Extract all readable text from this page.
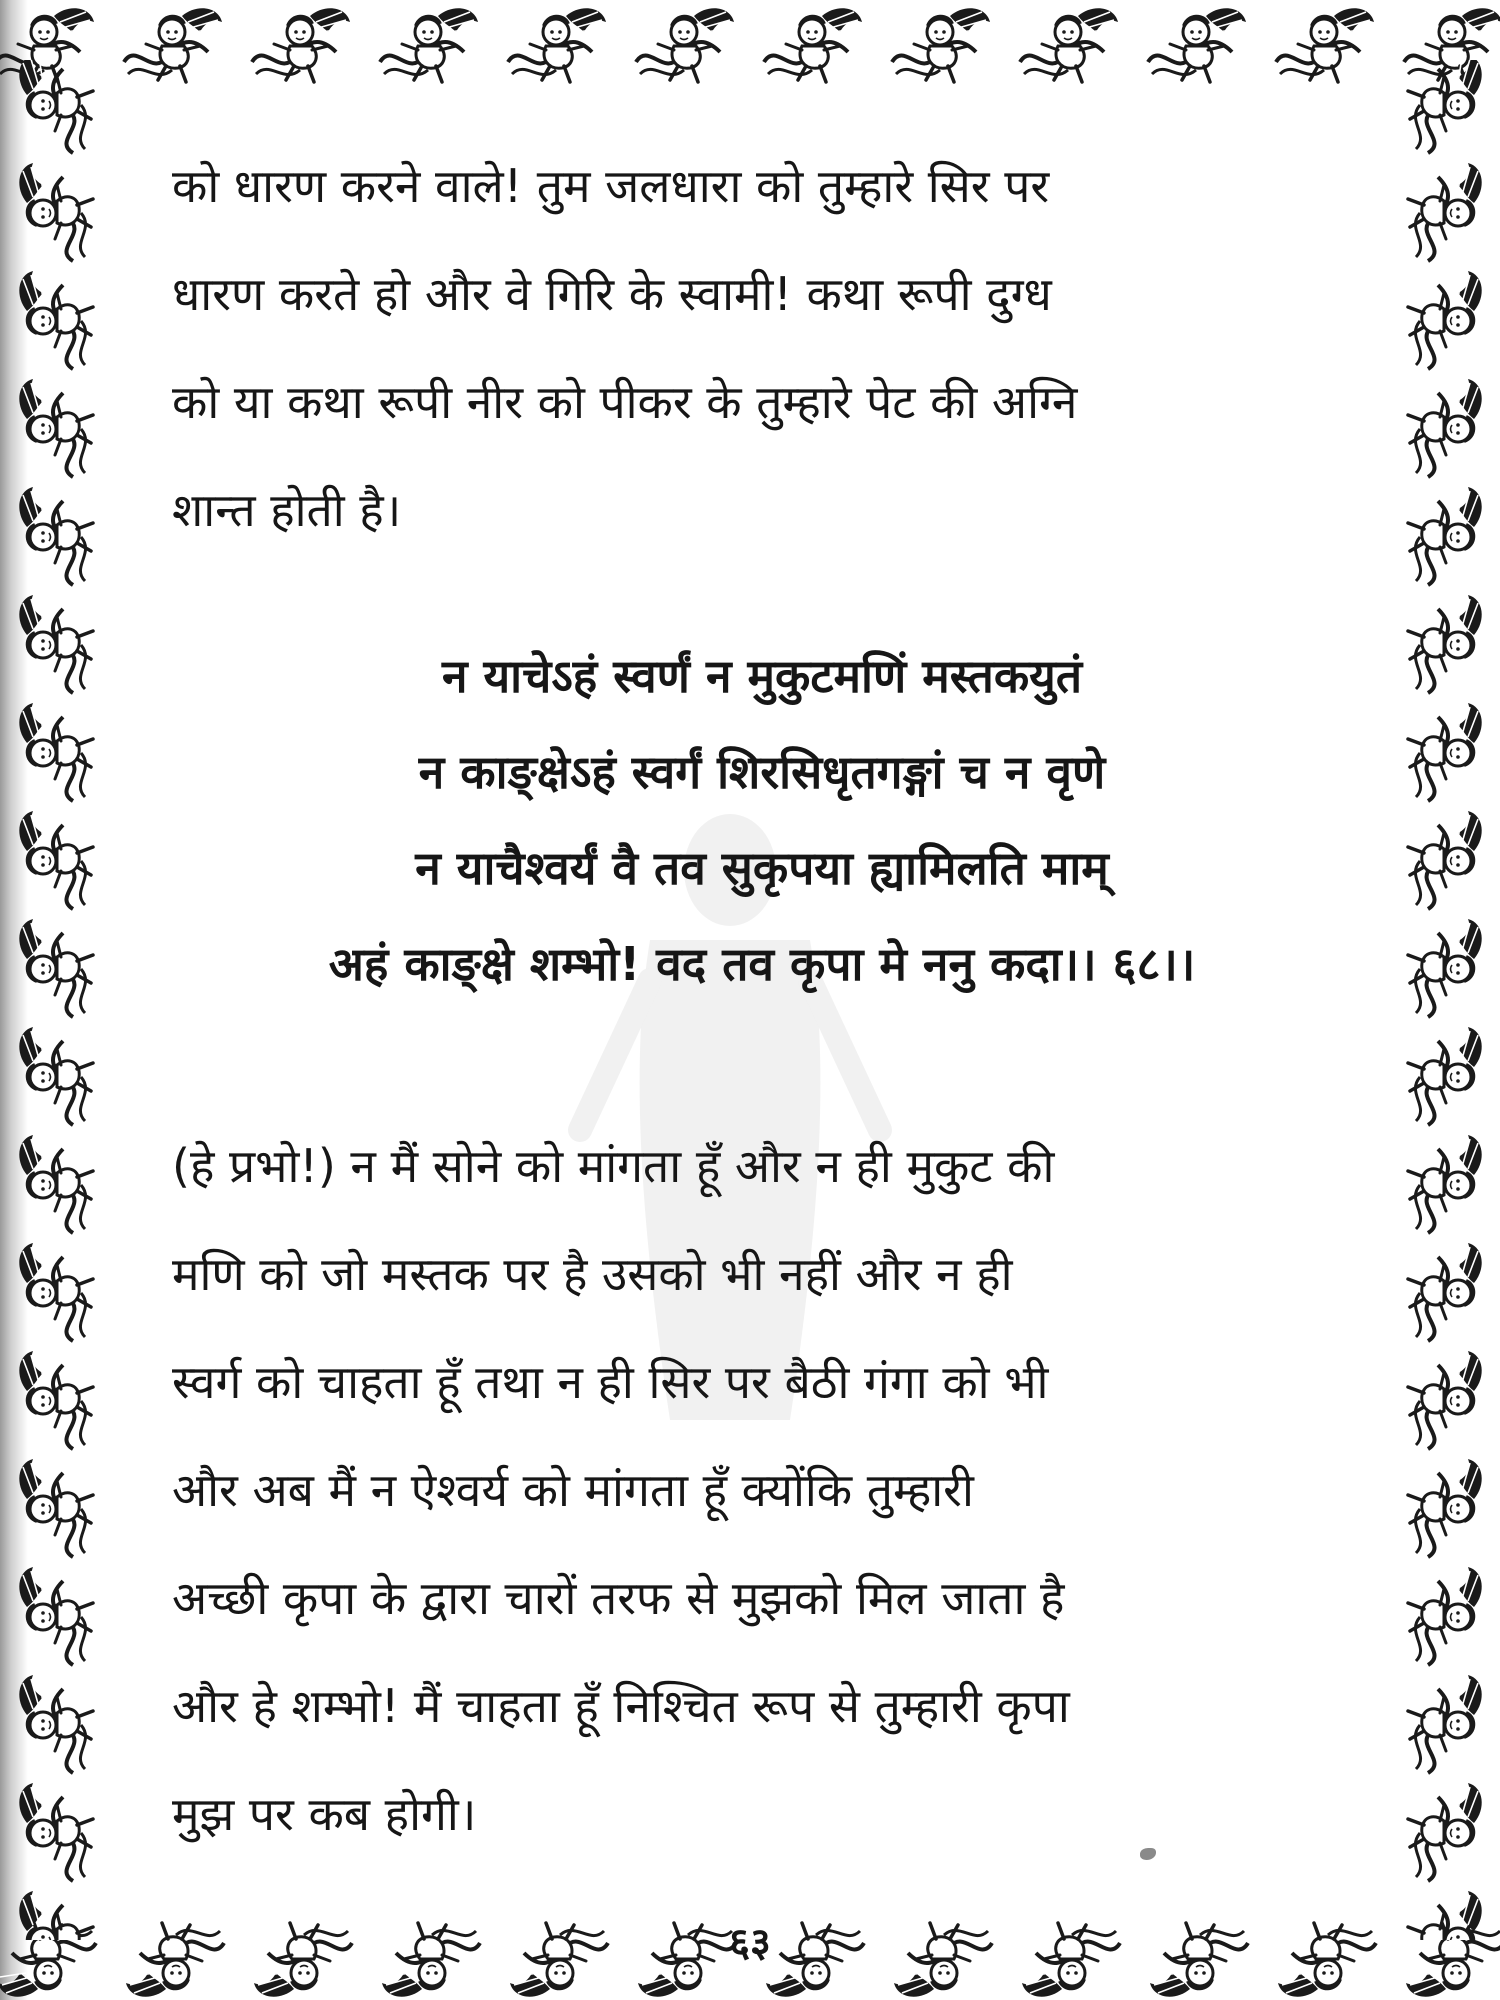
को धारण करने वाले! तुम जलधारा को तुम्हारे सिर पर
धारण करते हो और वे गिरि के स्वामी! कथा रूपी दुग्ध
को या कथा रूपी नीर को पीकर के तुम्हारे पेट की अग्नि
शान्त होती है।
न याचेऽहं स्वर्णं न मुकुटमणिं मस्तकयुतं
न काङ्क्षेऽहं स्वर्गं शिरसिधृतगङ्गां च न वृणे
न याचैश्वर्यं वै तव सुकृपया ह्यामिलति माम्
अहं काङ्क्षे शम्भो! वद तव कृपा मे ननु कदा।। ६८।।
(हे प्रभो!) न मैं सोने को मांगता हूँ और न ही मुकुट की
मणि को जो मस्तक पर है उसको भी नहीं और न ही
स्वर्ग को चाहता हूँ तथा न ही सिर पर बैठी गंगा को भी
और अब मैं न ऐश्वर्य को मांगता हूँ क्योंकि तुम्हारी
अच्छी कृपा के द्वारा चारों तरफ से मुझको मिल जाता है
और हे शम्भो! मैं चाहता हूँ निश्चित रूप से तुम्हारी कृपा
मुझ पर कब होगी।
६३
